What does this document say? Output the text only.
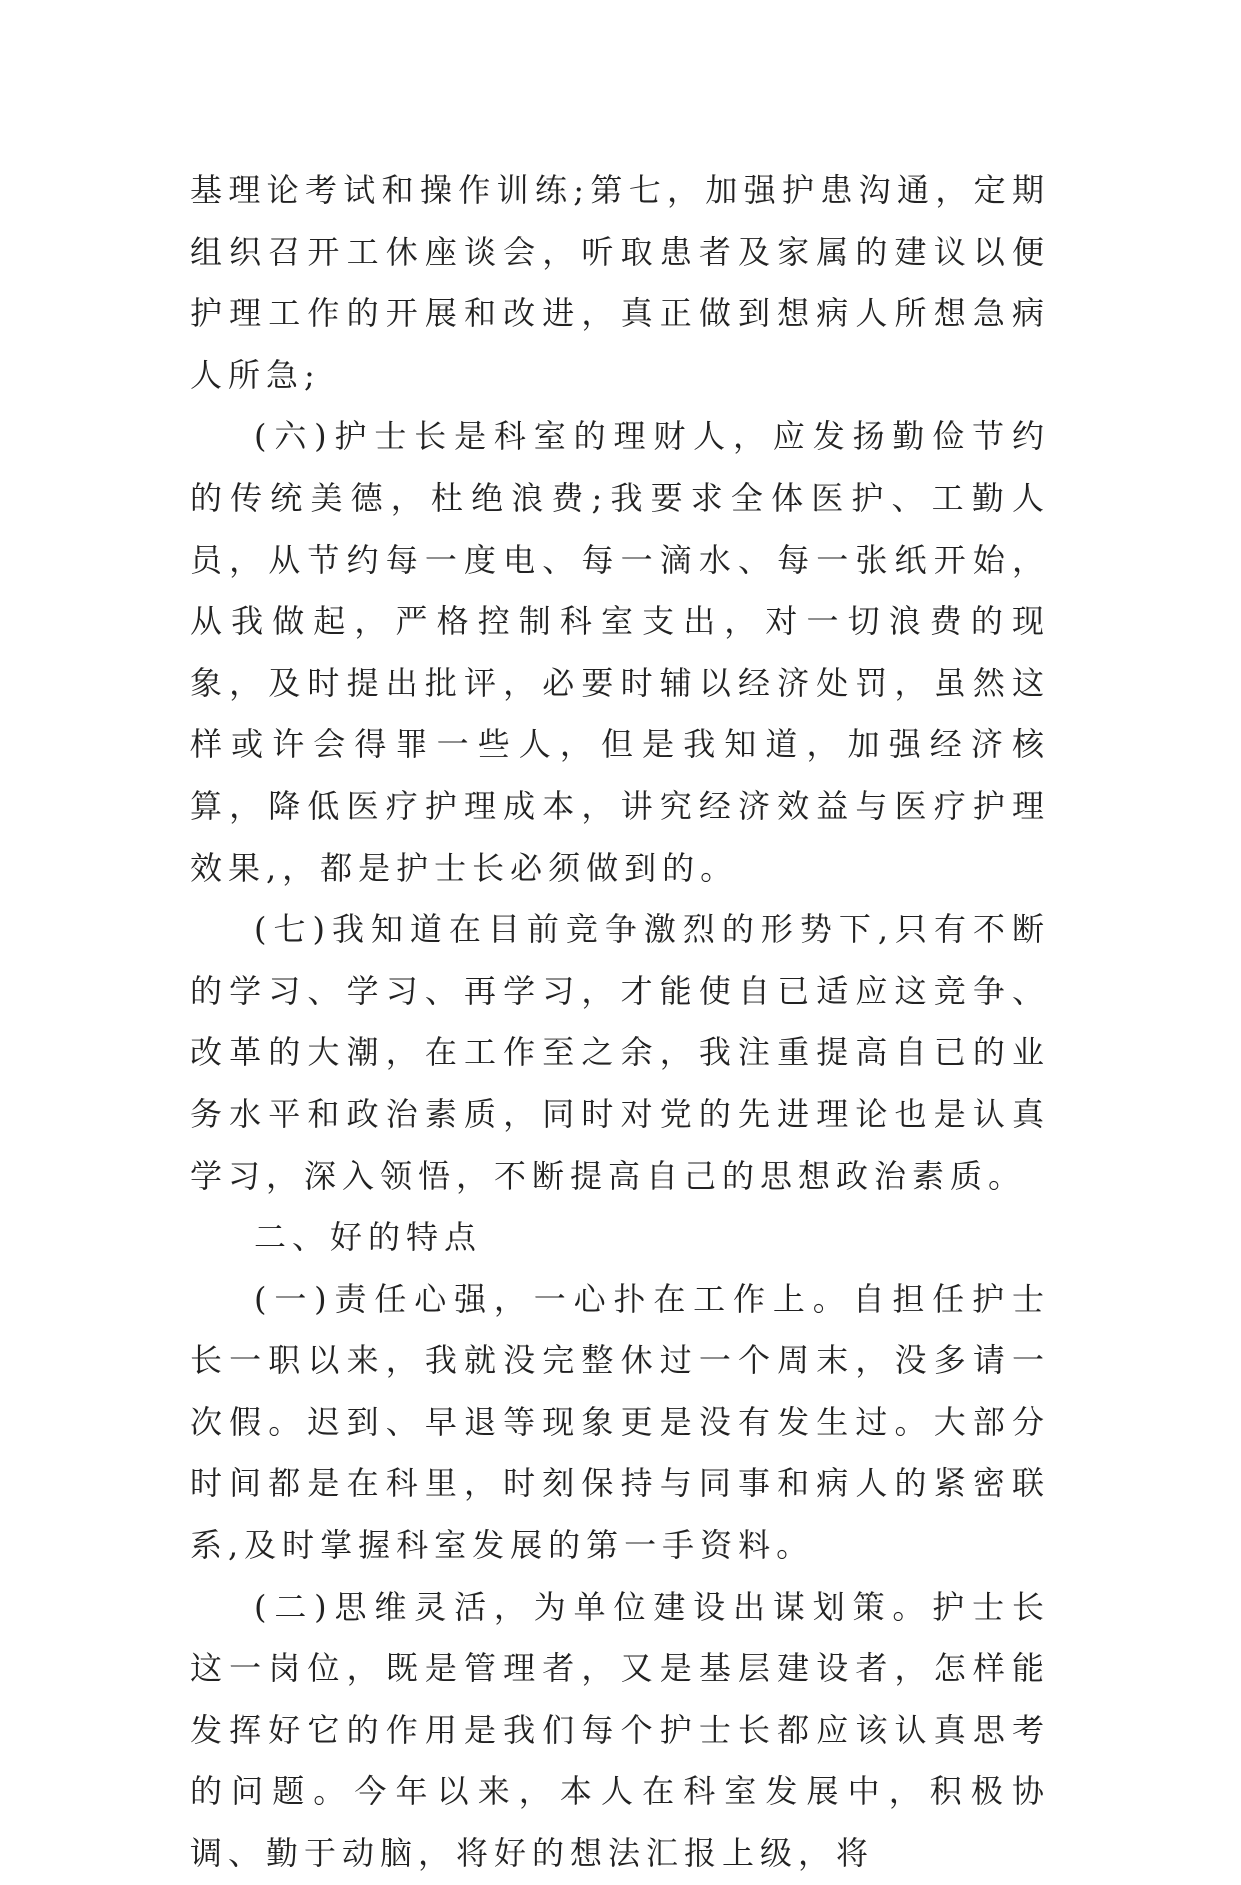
基理论考试和操作训练;第七，加强护患沟通，定期组织召开工休座谈会，听取患者及家属的建议以便护理工作的开展和改进，真正做到想病人所想急病人所急;

(六)护士长是科室的理财人，应发扬勤俭节约的传统美德，杜绝浪费;我要求全体医护、工勤人员，从节约每一度电、每一滴水、每一张纸开始，从我做起，严格控制科室支出，对一切浪费的现象，及时提出批评，必要时辅以经济处罚，虽然这样或许会得罪一些人，但是我知道，加强经济核算，降低医疗护理成本，讲究经济效益与医疗护理效果,，都是护士长必须做到的。

(七)我知道在目前竞争激烈的形势下,只有不断的学习、学习、再学习，才能使自已适应这竞争、改革的大潮，在工作至之余，我注重提高自已的业务水平和政治素质，同时对党的先进理论也是认真学习，深入领悟，不断提高自己的思想政治素质。

二、好的特点

(一)责任心强，一心扑在工作上。自担任护士长一职以来，我就没完整休过一个周末，没多请一次假。迟到、早退等现象更是没有发生过。大部分时间都是在科里，时刻保持与同事和病人的紧密联系,及时掌握科室发展的第一手资料。

(二)思维灵活，为单位建设出谋划策。护士长这一岗位，既是管理者，又是基层建设者，怎样能发挥好它的作用是我们每个护士长都应该认真思考的问题。今年以来，本人在科室发展中，积极协调、勤于动脑，将好的想法汇报上级，将
